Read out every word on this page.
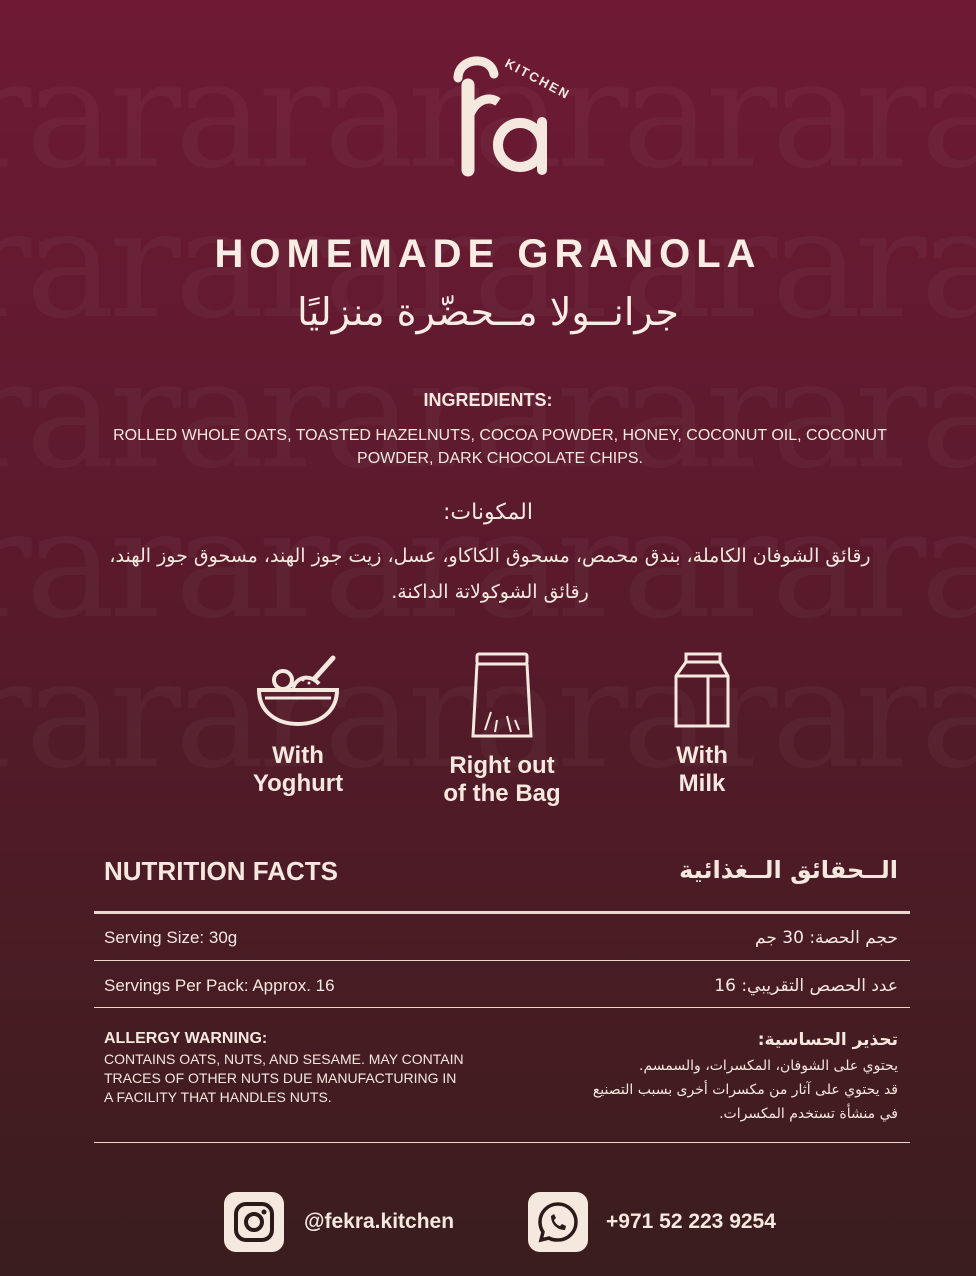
KITCHEN
HOMEMADE GRANOLA
جرانــولا مــحضّرة منزليًا
INGREDIENTS:
ROLLED WHOLE OATS, TOASTED HAZELNUTS, COCOA POWDER, HONEY, COCONUT OIL, COCONUT POWDER, DARK CHOCOLATE CHIPS.
المكونات:
رقائق الشوفان الكاملة، بندق محمص، مسحوق الكاكاو، عسل، زيت جوز الهند، مسحوق جوز الهند، رقائق الشوكولاتة الداكنة.
With
Yoghurt
Right out
of the Bag
With
Milk
NUTRITION FACTS	الــحقائق الــغذائية
Serving Size: 30g	حجم الحصة: 30 جم
Servings Per Pack: Approx. 16	عدد الحصص التقريبي: 16
ALLERGY WARNING:
CONTAINS OATS, NUTS, AND SESAME. MAY CONTAIN TRACES OF OTHER NUTS DUE MANUFACTURING IN A FACILITY THAT HANDLES NUTS.
تحذير الحساسية:
يحتوي على الشوفان، المكسرات، والسمسم.
قد يحتوي على آثار من مكسرات أخرى بسبب التصنيع
في منشأة تستخدم المكسرات.
@fekra.kitchen	+971 52 223 9254
